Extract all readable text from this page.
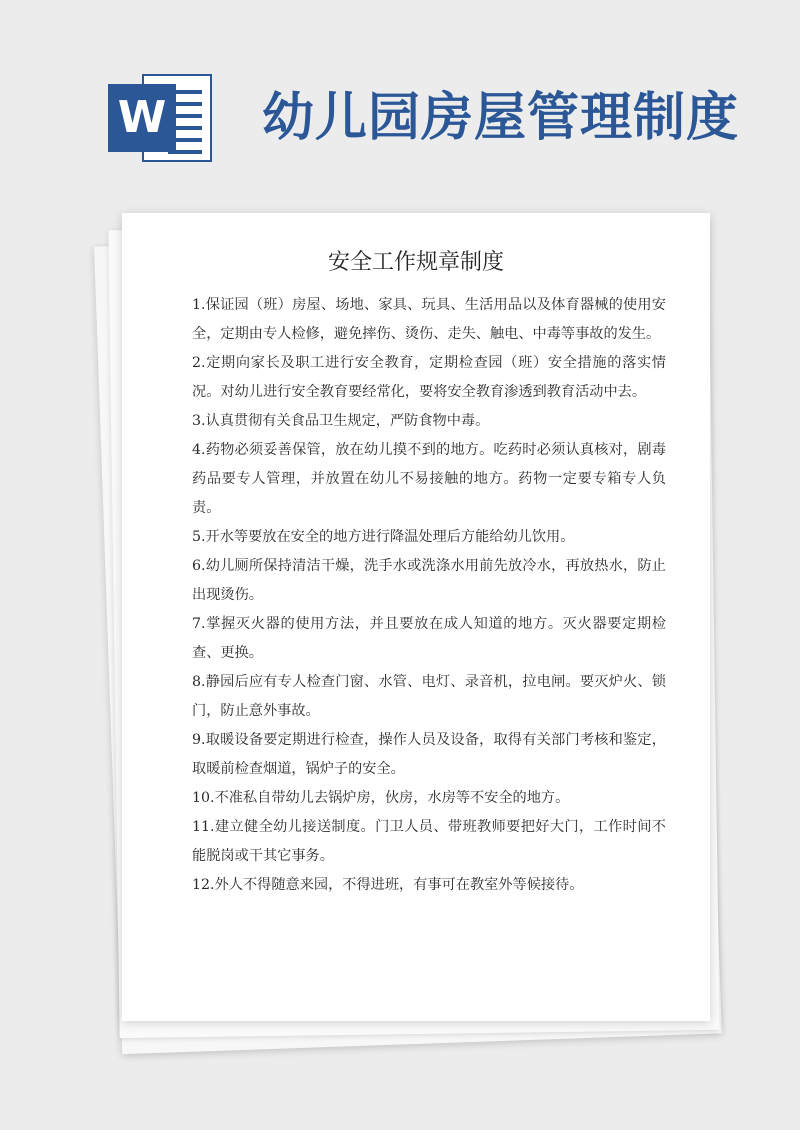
W 幼儿园房屋管理制度
安全工作规章制度

1.保证园（班）房屋、场地、家具、玩具、生活用品以及体育器械的使用安全，定期由专人检修，避免摔伤、烫伤、走失、触电、中毒等事故的发生。

2.定期向家长及职工进行安全教育，定期检查园（班）安全措施的落实情况。对幼儿进行安全教育要经常化，要将安全教育渗透到教育活动中去。

3.认真贯彻有关食品卫生规定，严防食物中毒。

4.药物必须妥善保管，放在幼儿摸不到的地方。吃药时必须认真核对，剧毒药品要专人管理，并放置在幼儿不易接触的地方。药物一定要专箱专人负责。

5.开水等要放在安全的地方进行降温处理后方能给幼儿饮用。

6.幼儿厕所保持清洁干燥，洗手水或洗涤水用前先放冷水，再放热水，防止出现烫伤。

7.掌握灭火器的使用方法，并且要放在成人知道的地方。灭火器要定期检查、更换。

8.静园后应有专人检查门窗、水管、电灯、录音机，拉电闸。要灭炉火、锁门，防止意外事故。

9.取暖设备要定期进行检查，操作人员及设备，取得有关部门考核和鉴定，取暖前检查烟道，锅炉子的安全。

10.不准私自带幼儿去锅炉房，伙房，水房等不安全的地方。

11.建立健全幼儿接送制度。门卫人员、带班教师要把好大门，工作时间不能脱岗或干其它事务。

12.外人不得随意来园，不得进班，有事可在教室外等候接待。
